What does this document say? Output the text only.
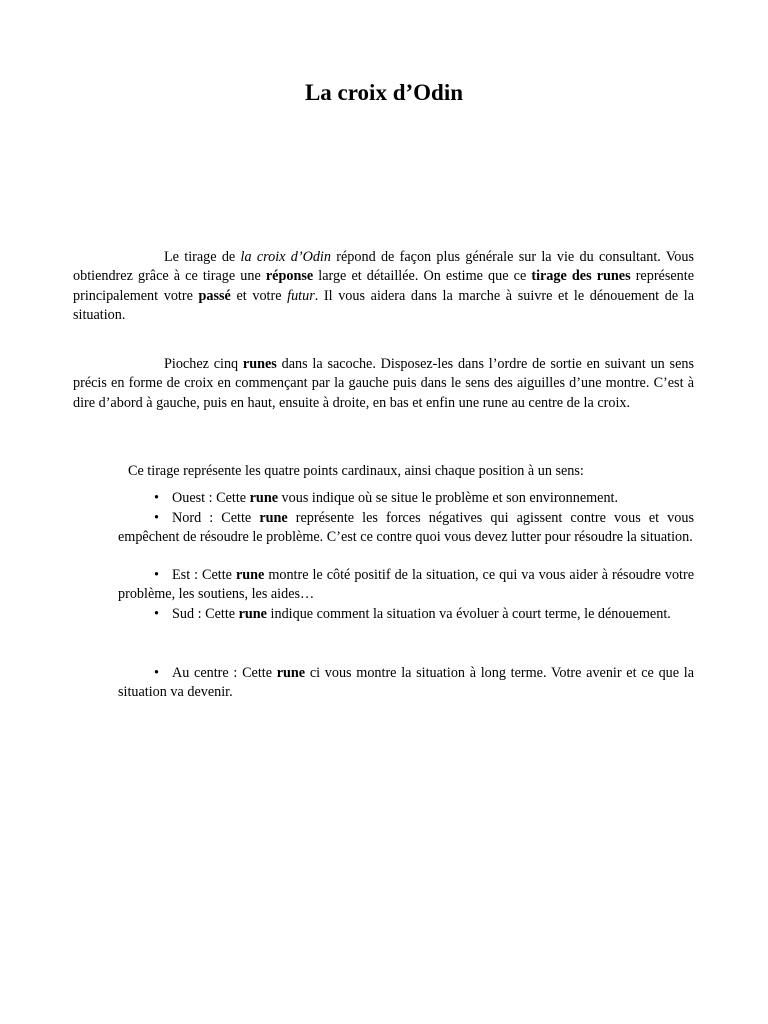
La croix d’Odin

Le tirage de la croix d’Odin répond de façon plus générale sur la vie du consultant. Vous obtiendrez grâce à ce tirage une réponse large et détaillée. On estime que ce tirage des runes représente principalement votre passé et votre futur. Il vous aidera dans la marche à suivre et le dénouement de la situation.

Piochez cinq runes dans la sacoche. Disposez-les dans l’ordre de sortie en suivant un sens précis en forme de croix en commençant par la gauche puis dans le sens des aiguilles d’une montre. C’est à dire d’abord à gauche, puis en haut, ensuite à droite, en bas et enfin une rune au centre de la croix.

Ce tirage représente les quatre points cardinaux, ainsi chaque position à un sens:

• Ouest : Cette rune vous indique où se situe le problème et son environnement.

• Nord : Cette rune représente les forces négatives qui agissent contre vous et vous empêchent de résoudre le problème. C’est ce contre quoi vous devez lutter pour résoudre la situation.

• Est : Cette rune montre le côté positif de la situation, ce qui va vous aider à résoudre votre problème, les soutiens, les aides…

• Sud : Cette rune indique comment la situation va évoluer à court terme, le dénouement.

• Au centre : Cette rune ci vous montre la situation à long terme. Votre avenir et ce que la situation va devenir.
